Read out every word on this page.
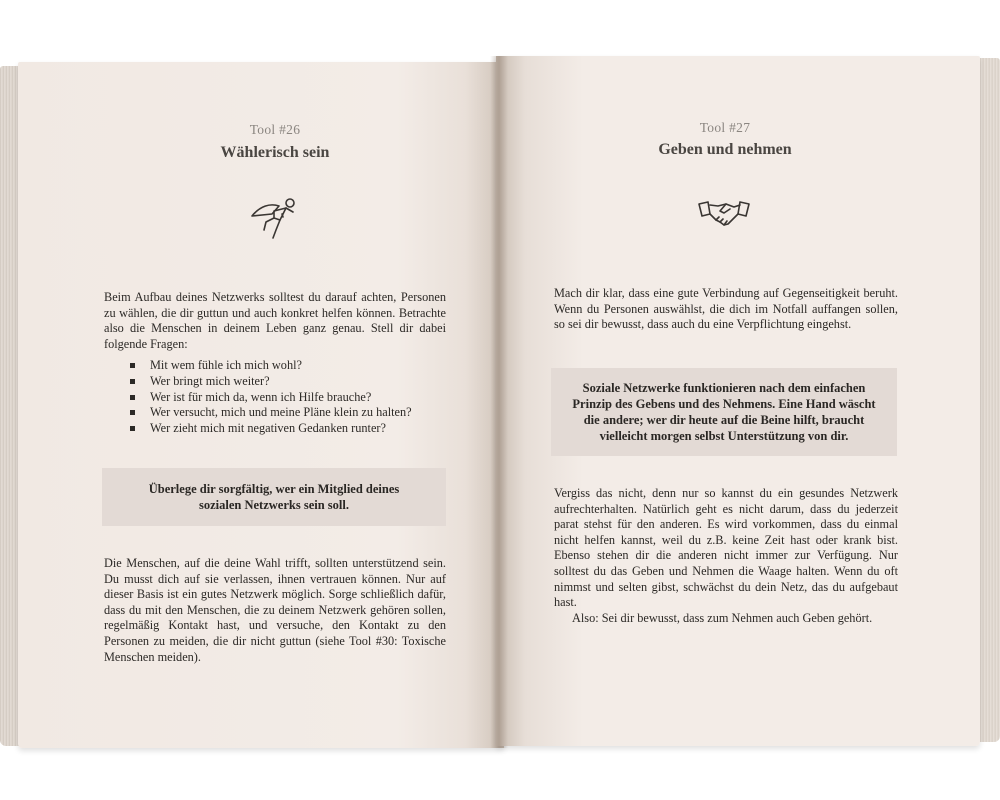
Tool #26
Wählerisch sein

Beim Aufbau deines Netzwerks solltest du darauf achten, Personen zu wählen, die dir guttun und auch konkret helfen können. Betrachte also die Menschen in deinem Leben ganz genau. Stell dir dabei folgende Fragen:

Mit wem fühle ich mich wohl?
Wer bringt mich weiter?
Wer ist für mich da, wenn ich Hilfe brauche?
Wer versucht, mich und meine Pläne klein zu halten?
Wer zieht mich mit negativen Gedanken runter?
Überlege dir sorgfältig, wer ein Mitglied deines sozialen Netzwerks sein soll.

Die Menschen, auf die deine Wahl trifft, sollten unterstützend sein. Du musst dich auf sie verlassen, ihnen vertrauen können. Nur auf dieser Basis ist ein gutes Netzwerk möglich. Sorge schließlich dafür, dass du mit den Menschen, die zu deinem Netzwerk gehören sollen, regelmäßig Kontakt hast, und versuche, den Kontakt zu den Personen zu meiden, die dir nicht guttun (siehe Tool #30: Toxische Menschen meiden).

Tool #27
Geben und nehmen

Mach dir klar, dass eine gute Verbindung auf Gegenseitigkeit beruht. Wenn du Personen auswählst, die dich im Notfall auffangen sollen, so sei dir bewusst, dass auch du eine Verpflichtung eingehst.

Soziale Netzwerke funktionieren nach dem einfachen Prinzip des Gebens und des Nehmens. Eine Hand wäscht die andere; wer dir heute auf die Beine hilft, braucht vielleicht morgen selbst Unterstützung von dir.

Vergiss das nicht, denn nur so kannst du ein gesundes Netzwerk aufrechterhalten. Natürlich geht es nicht darum, dass du jederzeit parat stehst für den anderen. Es wird vorkommen, dass du einmal nicht helfen kannst, weil du z.B. keine Zeit hast oder krank bist. Ebenso stehen dir die anderen nicht immer zur Verfügung. Nur solltest du das Geben und Nehmen die Waage halten. Wenn du oft nimmst und selten gibst, schwächst du dein Netz, das du aufgebaut hast.

Also: Sei dir bewusst, dass zum Nehmen auch Geben gehört.
